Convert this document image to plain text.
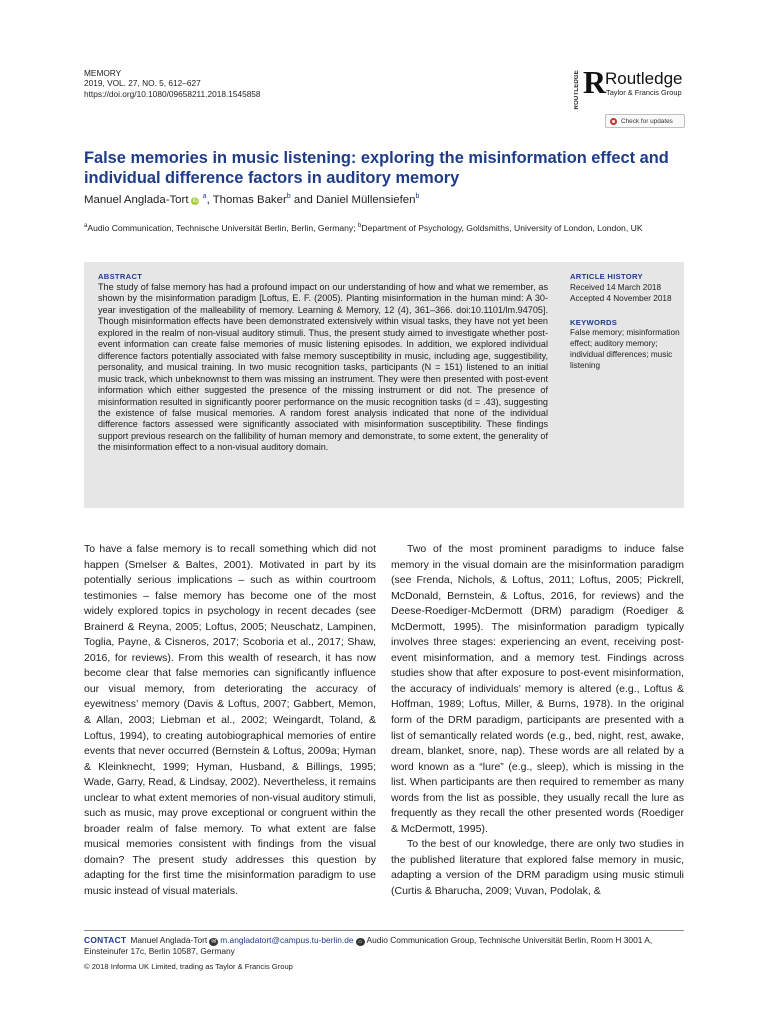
MEMORY
2019, VOL. 27, NO. 5, 612–627
https://doi.org/10.1080/09658211.2018.1545858	ROUTLEDGE R
Routledge
Taylor & Francis Group
Check for updates
False memories in music listening: exploring the misinformation effect and individual difference factors in auditory memory
Manuel Anglada-Tort iD $^a$, Thomas Baker$^b$ and Daniel Müllensiefen$^b$
$^a$Audio Communication, Technische Universität Berlin, Berlin, Germany; $^b$Department of Psychology, Goldsmiths, University of London, London, UK
ABSTRACT
The study of false memory has had a profound impact on our understanding of how and what we remember, as shown by the misinformation paradigm [Loftus, E. F. (2005). Planting misinformation in the human mind: A 30-year investigation of the malleability of memory. Learning & Memory, 12 (4), 361–366. doi:10.1101/lm.94705]. Though misinformation effects have been demonstrated extensively within visual tasks, they have not yet been explored in the realm of non-visual auditory stimuli. Thus, the present study aimed to investigate whether post-event information can create false memories of music listening episodes. In addition, we explored individual difference factors potentially associated with false memory susceptibility in music, including age, suggestibility, personality, and musical training. In two music recognition tasks, participants (N = 151) listened to an initial music track, which unbeknownst to them was missing an instrument. They were then presented with post-event information which either suggested the presence of the missing instrument or did not. The presence of misinformation resulted in significantly poorer performance on the music recognition tasks (d = .43), suggesting the existence of false musical memories. A random forest analysis indicated that none of the individual difference factors assessed were significantly associated with misinformation susceptibility. These findings support previous research on the fallibility of human memory and demonstrate, to some extent, the generality of the misinformation effect to a non-visual auditory domain.
ARTICLE HISTORY
Received 14 March 2018
Accepted 4 November 2018
KEYWORDS
False memory; misinformation effect; auditory memory; individual differences; music listening

To have a false memory is to recall something which did not happen (Smelser & Baltes, 2001). Motivated in part by its potentially serious implications – such as within courtroom testimonies – false memory has become one of the most widely explored topics in psychology in recent decades (see Brainerd & Reyna, 2005; Loftus, 2005; Neuschatz, Lampinen, Toglia, Payne, & Cisneros, 2017; Scoboria et al., 2017; Shaw, 2016, for reviews). From this wealth of research, it has now become clear that false memories can significantly influence our visual memory, from deteriorating the accuracy of eyewitness’ memory (Davis & Loftus, 2007; Gabbert, Memon, & Allan, 2003; Liebman et al., 2002; Weingardt, Toland, & Loftus, 1994), to creating autobiographical memories of entire events that never occurred (Bernstein & Loftus, 2009a; Hyman & Kleinknecht, 1999; Hyman, Husband, & Billings, 1995; Wade, Garry, Read, & Lindsay, 2002). Nevertheless, it remains unclear to what extent memories of non-visual auditory stimuli, such as music, may prove exceptional or congruent within the broader realm of false memory. To what extent are false musical memories consistent with findings from the visual domain? The present study addresses this question by adapting for the first time the misinformation paradigm to use music instead of visual materials.

Two of the most prominent paradigms to induce false memory in the visual domain are the misinformation paradigm (see Frenda, Nichols, & Loftus, 2011; Loftus, 2005; Pickrell, McDonald, Bernstein, & Loftus, 2016, for reviews) and the Deese-Roediger-McDermott (DRM) paradigm (Roediger & McDermott, 1995). The misinformation paradigm typically involves three stages: experiencing an event, receiving post-event misinformation, and a memory test. Findings across studies show that after exposure to post-event misinformation, the accuracy of individuals’ memory is altered (e.g., Loftus & Hoffman, 1989; Loftus, Miller, & Burns, 1978). In the original form of the DRM paradigm, participants are presented with a list of semantically related words (e.g., bed, night, rest, awake, dream, blanket, snore, nap). These words are all related by a word known as a “lure” (e.g., sleep), which is missing in the list. When participants are then required to remember as many words from the list as possible, they usually recall the lure as frequently as they recall the other presented words (Roediger & McDermott, 1995).

To the best of our knowledge, there are only two studies in the published literature that explored false memory in music, adapting a version of the DRM paradigm using music stimuli (Curtis & Bharucha, 2009; Vuvan, Podolak, &

CONTACT Manuel Anglada-Tort ✉ m.angladatort@campus.tu-berlin.de ⌂ Audio Communication Group, Technische Universität Berlin, Room H 3001 A, Einsteinufer 17c, Berlin 10587, Germany
© 2018 Informa UK Limited, trading as Taylor & Francis Group
